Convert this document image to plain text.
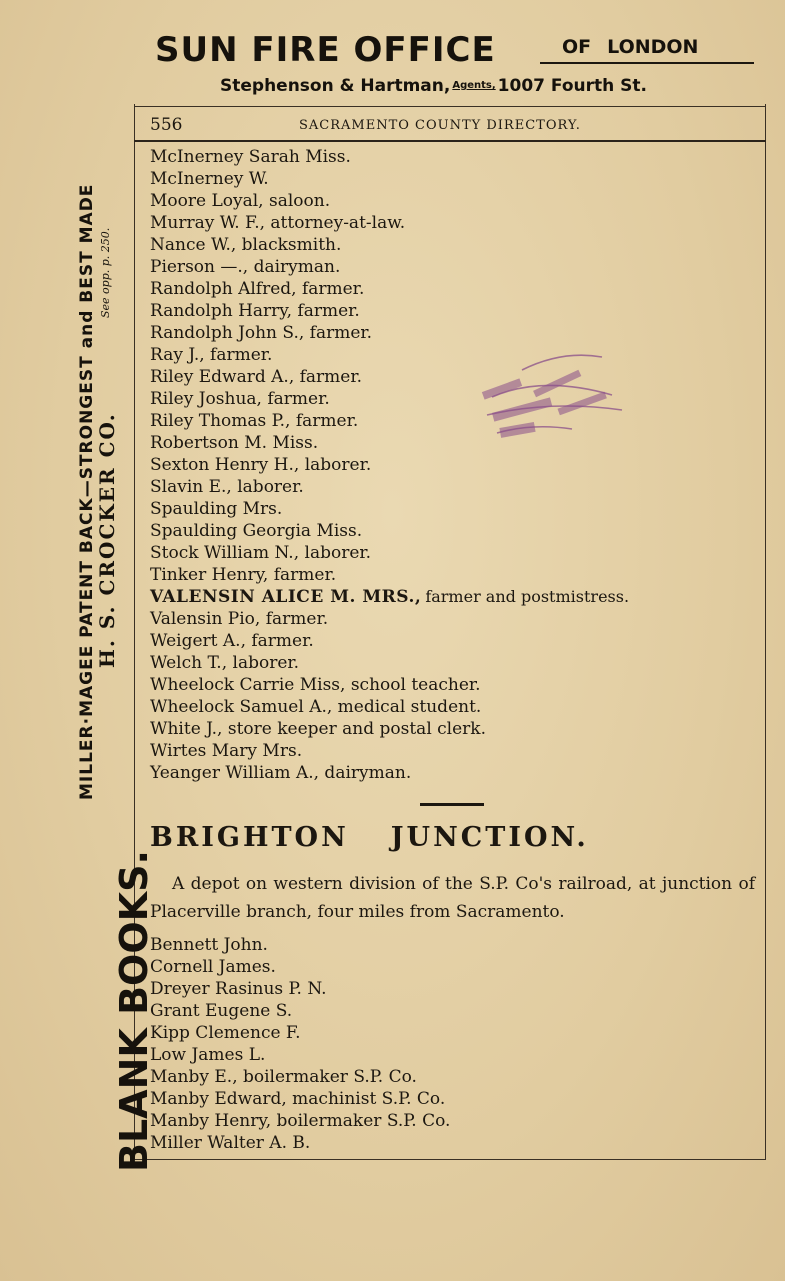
SUN FIRE OFFICE	OF LONDON
Stephenson & Hartman, Agents, 1007 Fourth St.
556	SACRAMENTO COUNTY DIRECTORY.
McInerney Sarah Miss.
McInerney W.
Moore Loyal, saloon.
Murray W. F., attorney-at-law.
Nance W., blacksmith.
Pierson —., dairyman.
Randolph Alfred, farmer.
Randolph Harry, farmer.
Randolph John S., farmer.
Ray J., farmer.
Riley Edward A., farmer.
Riley Joshua, farmer.
Riley Thomas P., farmer.
Robertson M. Miss.
Sexton Henry H., laborer.
Slavin E., laborer.
Spaulding Mrs.
Spaulding Georgia Miss.
Stock William N., laborer.
Tinker Henry, farmer.
VALENSIN ALICE M. MRS., farmer and postmistress.
Valensin Pio, farmer.
Weigert A., farmer.
Welch T., laborer.
Wheelock Carrie Miss, school teacher.
Wheelock Samuel A., medical student.
White J., store keeper and postal clerk.
Wirtes Mary Mrs.
Yeanger William A., dairyman.
BRIGHTON JUNCTION.
A depot on western division of the S.P. Co's railroad, at junction of Placerville branch, four miles from Sacramento.
Bennett John.
Cornell James.
Dreyer Rasinus P. N.
Grant Eugene S.
Kipp Clemence F.
Low James L.
Manby E., boilermaker S.P. Co.
Manby Edward, machinist S.P. Co.
Manby Henry, boilermaker S.P. Co.
Miller Walter A. B.
BLANK BOOKS.
MILLER·MAGEE PATENT BACK—STRONGEST and BEST MADE
H. S. CROCKER CO.
See opp. p. 250.
